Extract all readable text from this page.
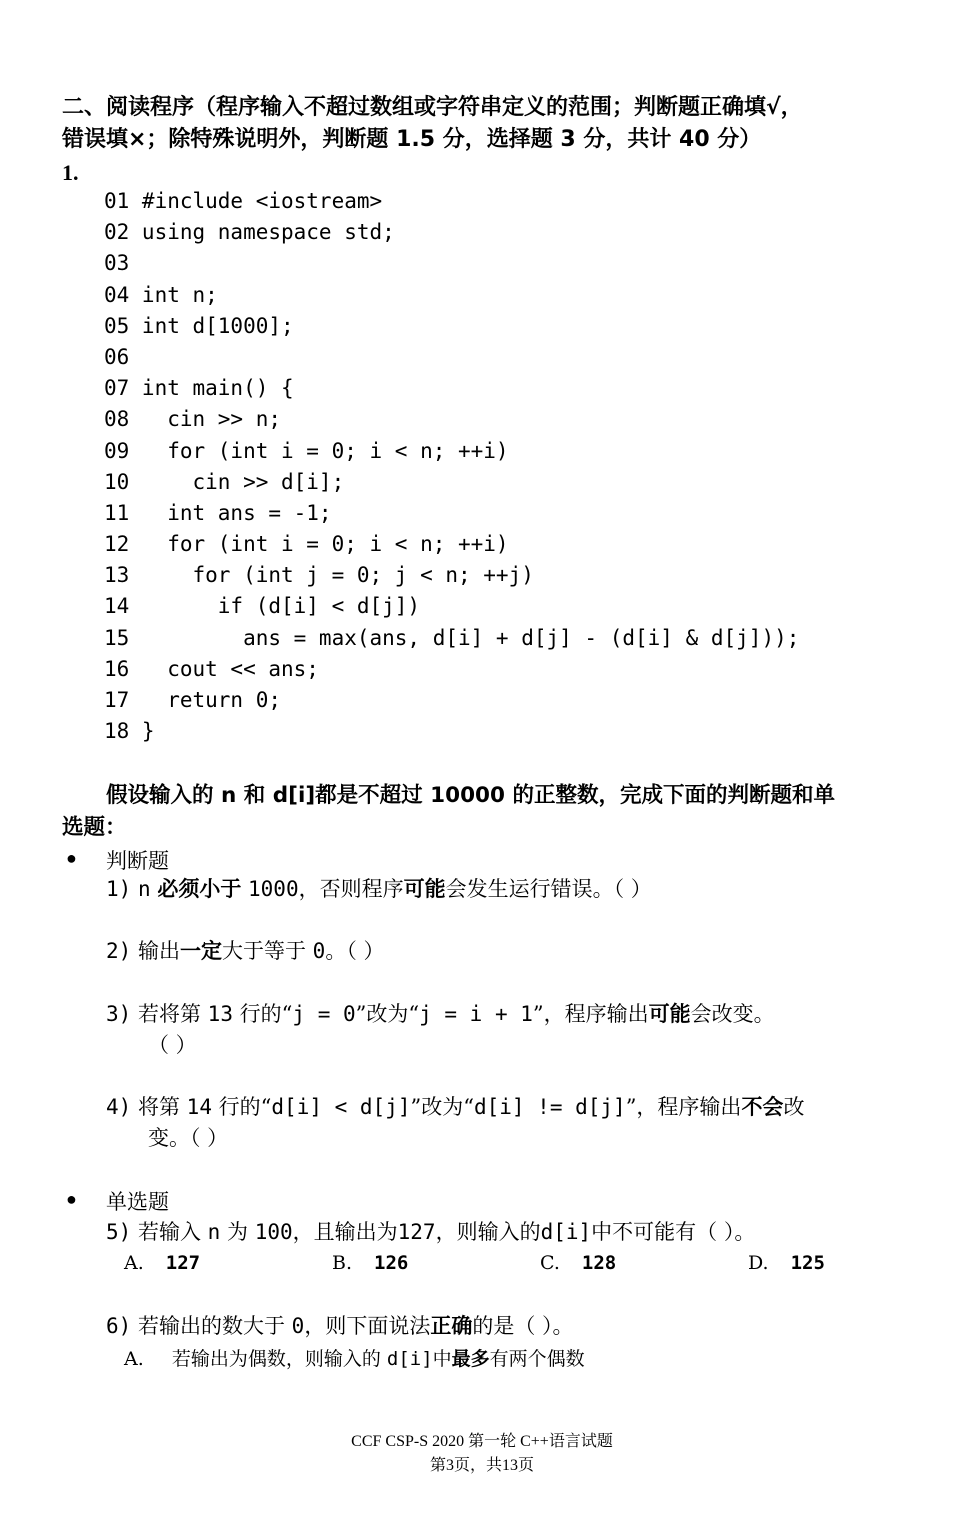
二、阅读程序（程序输入不超过数组或字符串定义的范围；判断题正确填√，
错误填×；除特殊说明外，判断题 1.5 分，选择题 3 分，共计 40 分）
1.
01 #include <iostream>
02 using namespace std;
03
04 int n;
05 int d[1000];
06
07 int main() {
08   cin >> n;
09   for (int i = 0; i < n; ++i)
10     cin >> d[i];
11   int ans = -1;
12   for (int i = 0; i < n; ++i)
13     for (int j = 0; j < n; ++j)
14       if (d[i] < d[j])
15         ans = max(ans, d[i] + d[j] - (d[i] & d[j]));
16   cout << ans;
17   return 0;
18 }
假设输入的 n 和 d[i]都是不超过 10000 的正整数，完成下面的判断题和单
选题：
● 判断题
1) n 必须小于 1000，否则程序可能会发生运行错误。（ ）
2) 输出一定大于等于 0。（ ）
3) 若将第 13 行的“j = 0”改为“j = i + 1”，程序输出可能会改变。
（ ）
4) 将第 14 行的“d[i] < d[j]”改为“d[i] != d[j]”，程序输出不会改
变。（ ）
● 单选题
5) 若输入 n 为 100，且输出为127，则输入的d[i]中不可能有（ ）。
A. 127	B. 126	C. 128	D. 125
6) 若输出的数大于 0，则下面说法正确的是（ ）。
A. 若输出为偶数，则输入的 d[i]中最多有两个偶数
CCF CSP-S 2020 第一轮 C++语言试题
第3页，共13页
